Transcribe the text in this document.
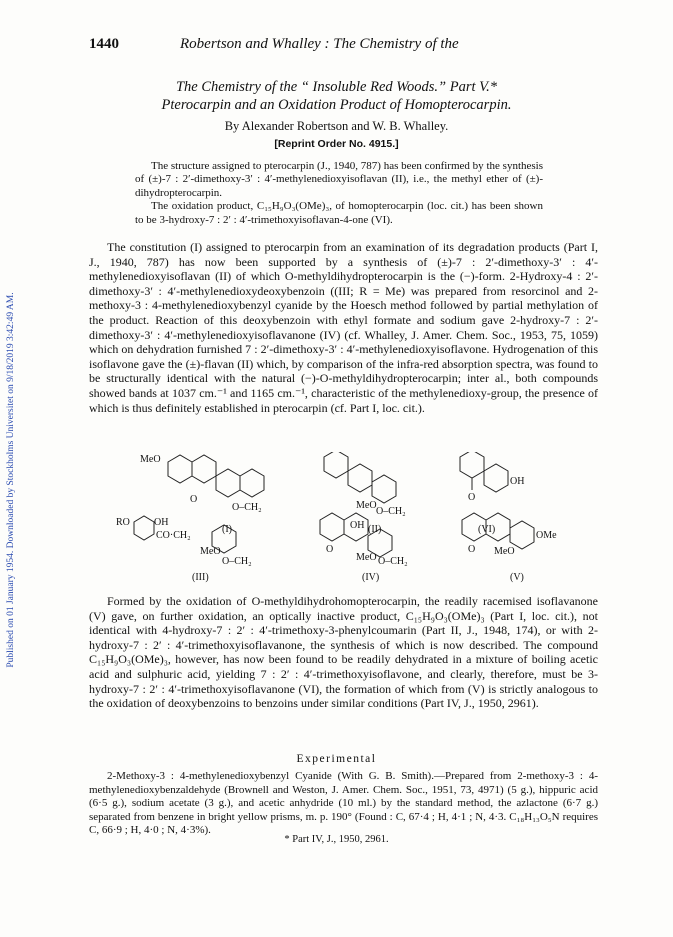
Published on 01 January 1954. Downloaded by Stockholms Universitet on 9/18/2019 3:42:49 AM.
1440	Robertson and Whalley : The Chemistry of the
The Chemistry of the “ Insoluble Red Woods.” Part V.*
Pterocarpin and an Oxidation Product of Homopterocarpin.
By Alexander Robertson and W. B. Whalley.
[Reprint Order No. 4915.]

The structure assigned to pterocarpin (J., 1940, 787) has been confirmed by the synthesis of (±)-7 : 2′-dimethoxy-3′ : 4′-methylenedioxyisoflavan (II), i.e., the methyl ether of (±)-dihydropterocarpin.

The oxidation product, C₁₅H₉O₃(OMe)₃, of homopterocarpin (loc. cit.) has been shown to be 3-hydroxy-7 : 2′ : 4′-trimethoxyisoflavan-4-one (VI).

The constitution (I) assigned to pterocarpin from an examination of its degradation products (Part I, J., 1940, 787) has now been supported by a synthesis of (±)-7 : 2′-dimethoxy-3′ : 4′-methylenedioxyisoflavan (II) of which O-methyldihydropterocarpin is the (−)-form. 2-Hydroxy-4 : 2′-dimethoxy-3′ : 4′-methylenedioxydeoxybenzoin ((III; R = Me) was prepared from resorcinol and 2-methoxy-3 : 4-methylenedioxybenzyl cyanide by the Hoesch method followed by partial methylation of the product. Reaction of this deoxybenzoin with ethyl formate and sodium gave 2-hydroxy-7 : 2′-dimethoxy-3′ : 4′-methylenedioxyisoflavanone (IV) (cf. Whalley, J. Amer. Chem. Soc., 1953, 75, 1059) which on dehydration furnished 7 : 2′-dimethoxy-3′ : 4′-methylenedioxyisoflavone. Hydrogenation of this isoflavone gave the (±)-flavan (II) which, by comparison of the infra-red absorption spectra, was found to be structurally identical with the natural (−)-O-methyldihydropterocarpin; inter al., both compounds showed bands at 1037 cm.⁻¹ and 1165 cm.⁻¹, characteristic of the methylenedioxy-group, the presence of which is thus definitely established in pterocarpin (cf. Part I, loc. cit.).

MeO
O–CH₂
O
(I)
MeO
O–CH₂
(II)
O
OH
(VI)
RO OH
CO·CH₂
MeO
O–CH₂
(III)
OH
O
MeO O–CH₂
(IV)
OMe
O MeO
(V)

Formed by the oxidation of O-methyldihydrohomopterocarpin, the readily racemised isoflavanone (V) gave, on further oxidation, an optically inactive product, C₁₅H₉O₃(OMe)₃ (Part I, loc. cit.), not identical with 4-hydroxy-7 : 2′ : 4′-trimethoxy-3-phenylcoumarin (Part II, J., 1948, 174), or with 2-hydroxy-7 : 2′ : 4′-trimethoxyisoflavanone, the synthesis of which is now described. The compound C₁₅H₉O₃(OMe)₃, however, has now been found to be readily dehydrated in a mixture of boiling acetic acid and sulphuric acid, yielding 7 : 2′ : 4′-trimethoxyisoflavone, and clearly, therefore, must be 3-hydroxy-7 : 2′ : 4′-trimethoxyisoflavanone (VI), the formation of which from (V) is strictly analogous to the oxidation of deoxybenzoins to benzoins under similar conditions (Part IV, J., 1950, 2961).

Experimental

2-Methoxy-3 : 4-methylenedioxybenzyl Cyanide (With G. B. Smith).—Prepared from 2-methoxy-3 : 4-methylenedioxybenzaldehyde (Brownell and Weston, J. Amer. Chem. Soc., 1951, 73, 4971) (5 g.), hippuric acid (6·5 g.), sodium acetate (3 g.), and acetic anhydride (10 ml.) by the standard method, the azlactone (6·7 g.) separated from benzene in bright yellow prisms, m. p. 190° (Found : C, 67·4 ; H, 4·1 ; N, 4·3. C₁₈H₁₃O₅N requires C, 66·9 ; H, 4·0 ; N, 4·3%).

* Part IV, J., 1950, 2961.
